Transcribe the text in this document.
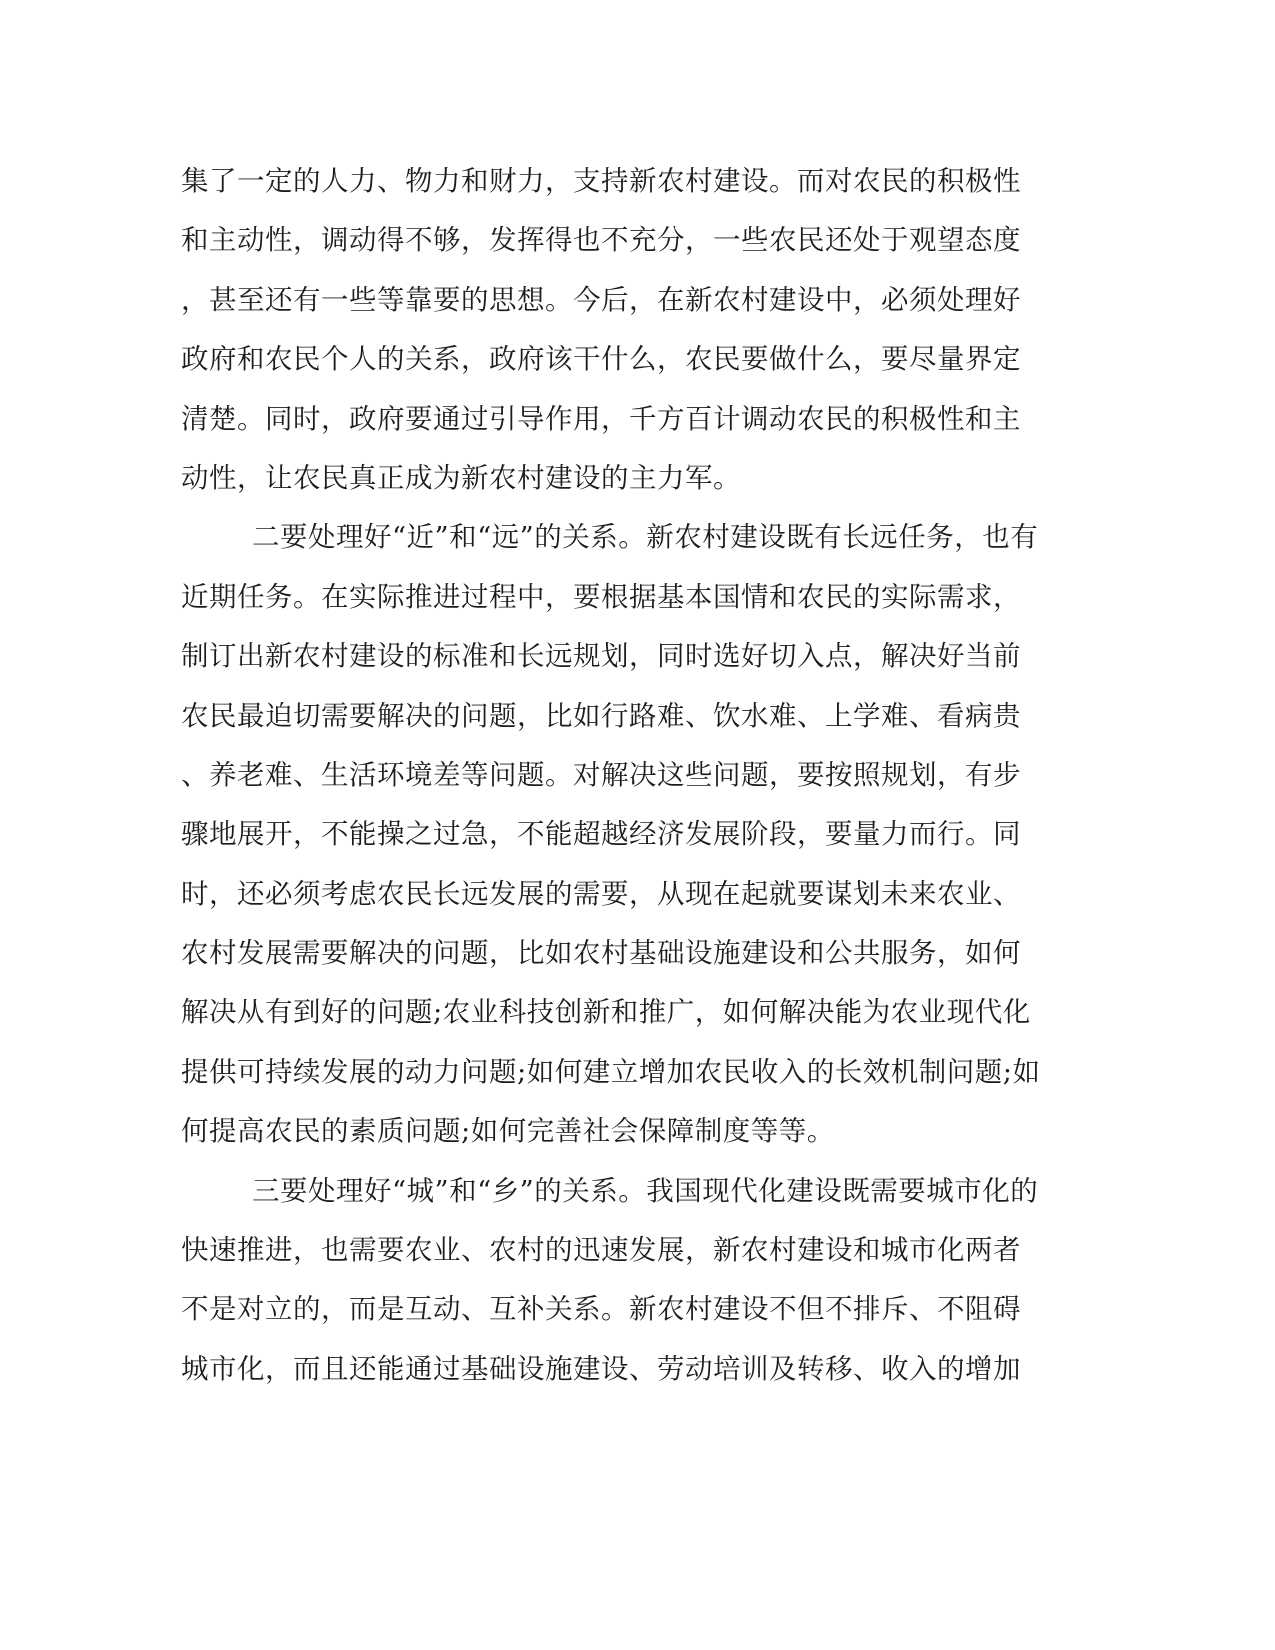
集了一定的人力、物力和财力，支持新农村建设。而对农民的积极性
和主动性，调动得不够，发挥得也不充分，一些农民还处于观望态度
，甚至还有一些等靠要的思想。今后，在新农村建设中，必须处理好
政府和农民个人的关系，政府该干什么，农民要做什么，要尽量界定
清楚。同时，政府要通过引导作用，千方百计调动农民的积极性和主
动性，让农民真正成为新农村建设的主力军。
二要处理好“近”和“远”的关系。新农村建设既有长远任务，也有
近期任务。在实际推进过程中，要根据基本国情和农民的实际需求，
制订出新农村建设的标准和长远规划，同时选好切入点，解决好当前
农民最迫切需要解决的问题，比如行路难、饮水难、上学难、看病贵
、养老难、生活环境差等问题。对解决这些问题，要按照规划，有步
骤地展开，不能操之过急，不能超越经济发展阶段，要量力而行。同
时，还必须考虑农民长远发展的需要，从现在起就要谋划未来农业、
农村发展需要解决的问题，比如农村基础设施建设和公共服务，如何
解决从有到好的问题;农业科技创新和推广，如何解决能为农业现代化
提供可持续发展的动力问题;如何建立增加农民收入的长效机制问题;如
何提高农民的素质问题;如何完善社会保障制度等等。
三要处理好“城”和“乡”的关系。我国现代化建设既需要城市化的
快速推进，也需要农业、农村的迅速发展，新农村建设和城市化两者
不是对立的，而是互动、互补关系。新农村建设不但不排斥、不阻碍
城市化，而且还能通过基础设施建设、劳动培训及转移、收入的增加
